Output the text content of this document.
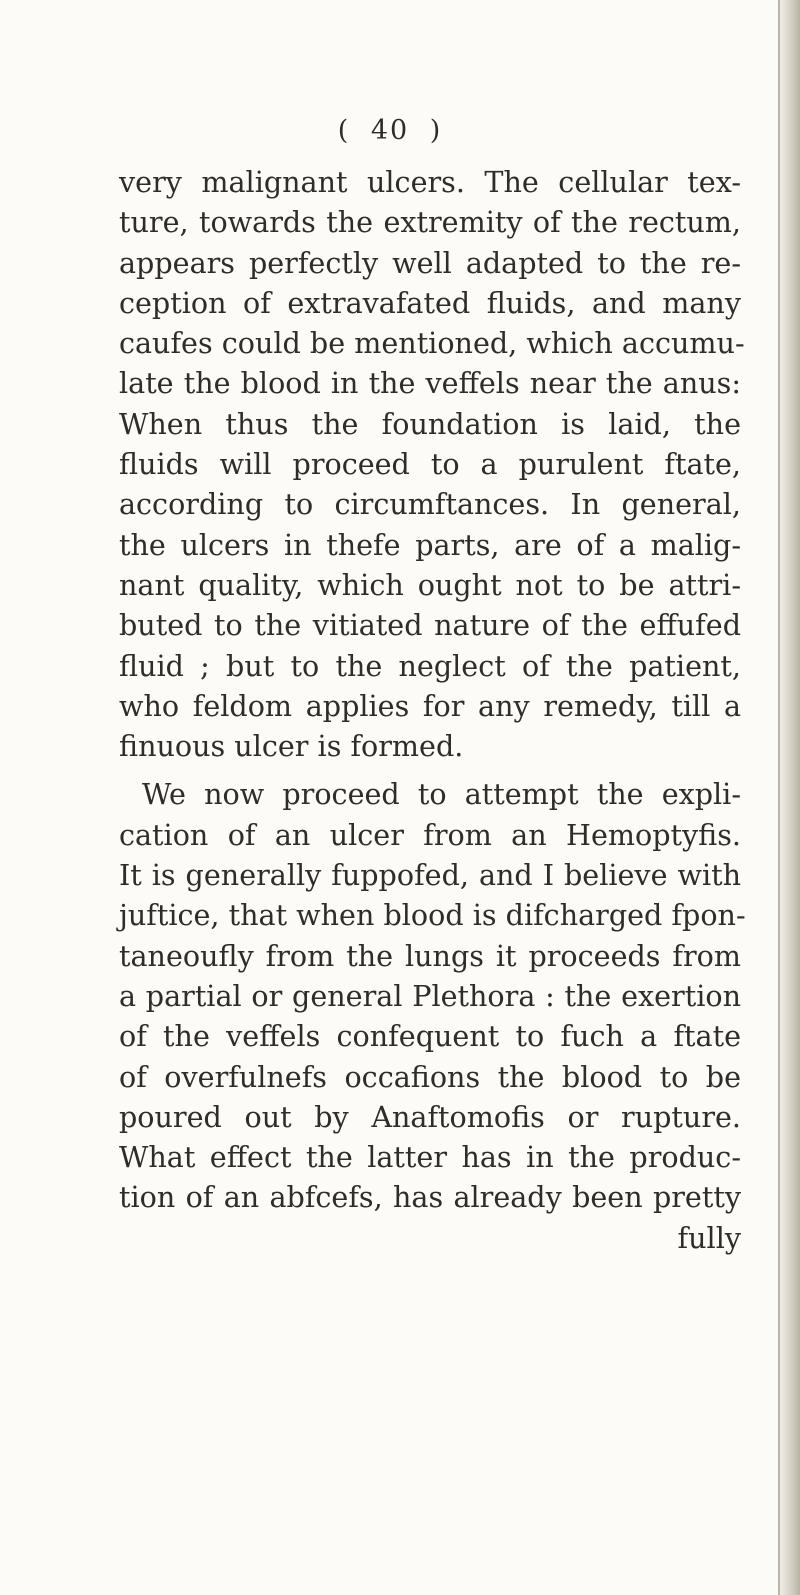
( 40 )
very malignant ulcers. The cellular tex-
ture, towards the extremity of the rectum,
appears perfectly well adapted to the re-
ception of extravafated fluids, and many
caufes could be mentioned, which accumu-
late the blood in the veffels near the anus:
When thus the foundation is laid, the
fluids will proceed to a purulent ftate,
according to circumftances. In general,
the ulcers in thefe parts, are of a malig-
nant quality, which ought not to be attri-
buted to the vitiated nature of the effufed
fluid ; but to the neglect of the patient,
who feldom applies for any remedy, till a
finuous ulcer is formed.
We now proceed to attempt the expli-
cation of an ulcer from an Hemoptyfis.
It is generally fuppofed, and I believe with
juftice, that when blood is difcharged fpon-
taneoufly from the lungs it proceeds from
a partial or general Plethora : the exertion
of the veffels confequent to fuch a ftate
of overfulnefs occafions the blood to be
poured out by Anaftomofis or rupture.
What effect the latter has in the produc-
tion of an abfcefs, has already been pretty
fully
